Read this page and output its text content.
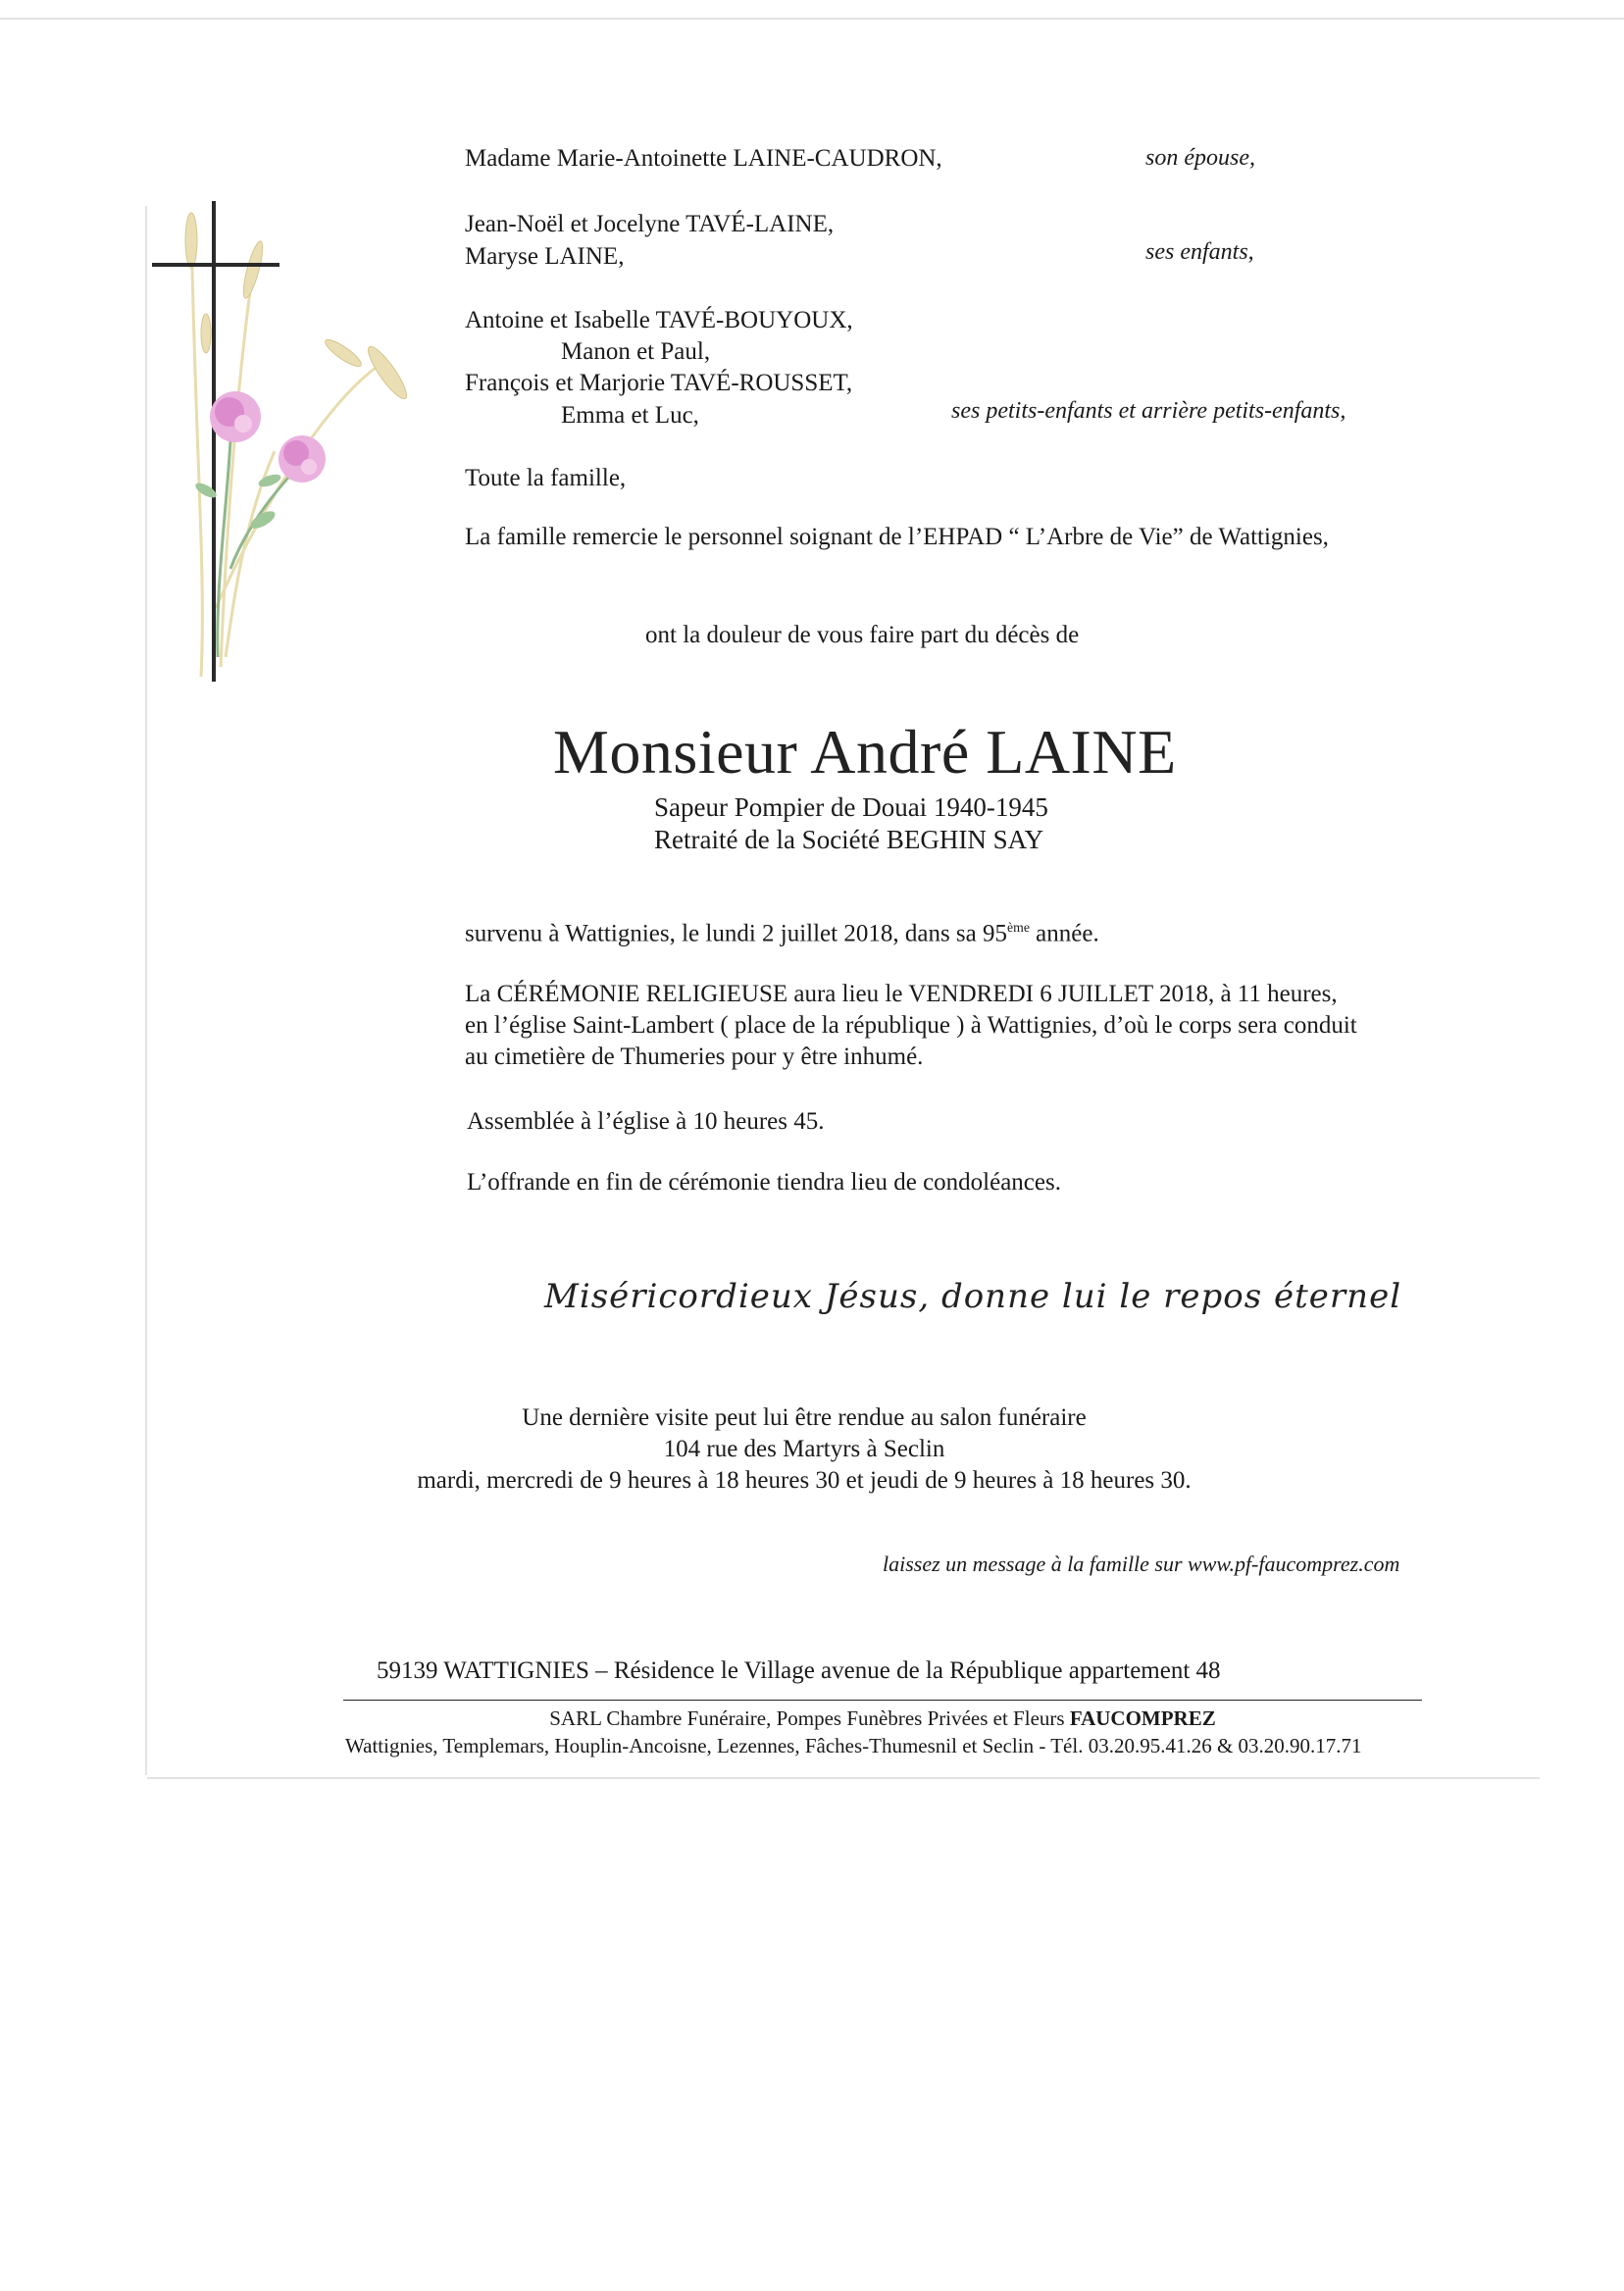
Madame Marie-Antoinette LAINE-CAUDRON,	son épouse,
Jean-Noël et Jocelyne TAVÉ-LAINE,
Maryse LAINE,	ses enfants,
Antoine et Isabelle TAVÉ-BOUYOUX,
Manon et Paul,
François et Marjorie TAVÉ-ROUSSET,
Emma et Luc,	ses petits-enfants et arrière petits-enfants,
Toute la famille,
La famille remercie le personnel soignant de l’EHPAD “ L’Arbre de Vie” de Wattignies,
ont la douleur de vous faire part du décès de
Monsieur André LAINE
Sapeur Pompier de Douai 1940-1945
Retraité de la Société BEGHIN SAY
survenu à Wattignies, le lundi 2 juillet 2018, dans sa 95ème année.
La CÉRÉMONIE RELIGIEUSE aura lieu le VENDREDI 6 JUILLET 2018, à 11 heures,
en l’église Saint-Lambert ( place de la république ) à Wattignies, d’où le corps sera conduit
au cimetière de Thumeries pour y être inhumé.
Assemblée à l’église à 10 heures 45.
L’offrande en fin de cérémonie tiendra lieu de condoléances.
Miséricordieux Jésus, donne lui le repos éternel
Une dernière visite peut lui être rendue au salon funéraire
104 rue des Martyrs à Seclin
mardi, mercredi de 9 heures à 18 heures 30 et jeudi de 9 heures à 18 heures 30.
laissez un message à la famille sur www.pf-faucomprez.com
59139 WATTIGNIES – Résidence le Village avenue de la République appartement 48
SARL Chambre Funéraire, Pompes Funèbres Privées et Fleurs FAUCOMPREZ
Wattignies, Templemars, Houplin-Ancoisne, Lezennes, Fâches-Thumesnil et Seclin - Tél. 03.20.95.41.26 & 03.20.90.17.71
